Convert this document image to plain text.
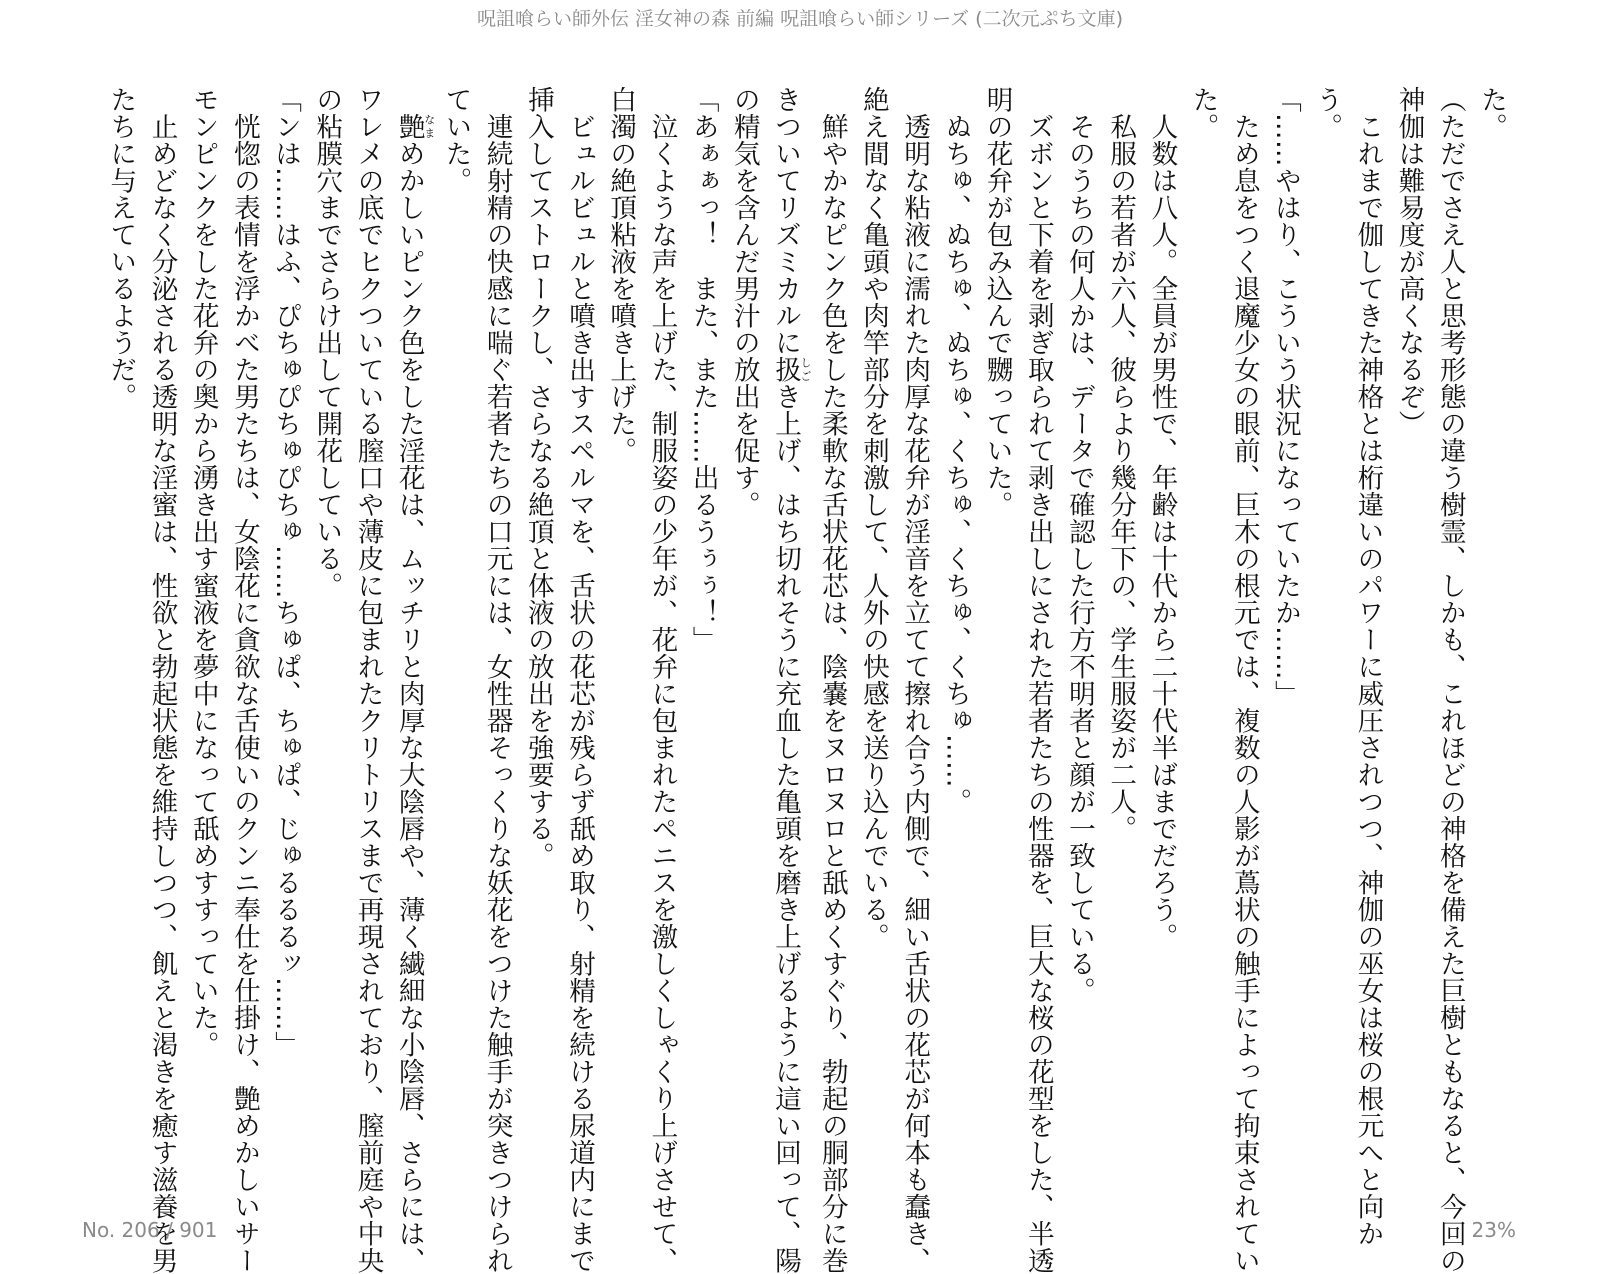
呪詛喰らい師外伝 淫女神の森 前編 呪詛喰らい師シリーズ (二次元ぷち文庫)
た。
（ただでさえ人と思考形態の違う樹霊、しかも、これほどの神格を備えた巨樹ともなると、今回の
神伽は難易度が高くなるぞ）
　これまで伽してきた神格とは桁違いのパワーに威圧されつつ、神伽の巫女は桜の根元へと向か
う。
「……やはり、こういう状況になっていたか……」
　ため息をつく退魔少女の眼前、巨木の根元では、複数の人影が蔦状の触手によって拘束されてい
た。
　人数は八人。全員が男性で、年齢は十代から二十代半ばまでだろう。
　私服の若者が六人、彼らより幾分年下の、学生服姿が二人。
　そのうちの何人かは、データで確認した行方不明者と顔が一致している。
　ズボンと下着を剥ぎ取られて剥き出しにされた若者たちの性器を、巨大な桜の花型をした、半透
明の花弁が包み込んで嬲っていた。
　ぬちゅ、ぬちゅ、ぬちゅ、くちゅ、くちゅ、くちゅ……。
　透明な粘液に濡れた肉厚な花弁が淫音を立てて擦れ合う内側で、細い舌状の花芯が何本も蠢き、
絶え間なく亀頭や肉竿部分を刺激して、人外の快感を送り込んでいる。
　鮮やかなピンク色をした柔軟な舌状花芯は、陰嚢をヌロヌロと舐めくすぐり、勃起の胴部分に巻
きついてリズミカルに扱しごき上げ、はち切れそうに充血した亀頭を磨き上げるように這い回って、陽
の精気を含んだ男汁の放出を促す。
「あぁぁっ！　また、また……出るうぅぅ！」
　泣くような声を上げた、制服姿の少年が、花弁に包まれたペニスを激しくしゃくり上げさせて、
白濁の絶頂粘液を噴き上げた。
　ビュルビュルと噴き出すスペルマを、舌状の花芯が残らず舐め取り、射精を続ける尿道内にまで
挿入してストロークし、さらなる絶頂と体液の放出を強要する。
　連続射精の快感に喘ぐ若者たちの口元には、女性器そっくりな妖花をつけた触手が突きつけられ
ていた。
　艶なまめかしいピンク色をした淫花は、ムッチリと肉厚な大陰唇や、薄く繊細な小陰唇、さらには、
ワレメの底でヒクついている膣口や薄皮に包まれたクリトリスまで再現されており、膣前庭や中央
の粘膜穴までさらけ出して開花している。
「ンは……はふ、ぴちゅぴちゅぴちゅ……ちゅぱ、ちゅぱ、じゅるるるッ……」
　恍惚の表情を浮かべた男たちは、女陰花に貪欲な舌使いのクンニ奉仕を仕掛け、艶めかしいサー
モンピンクをした花弁の奥から湧き出す蜜液を夢中になって舐めすすっていた。
　止めどなく分泌される透明な淫蜜は、性欲と勃起状態を維持しつつ、飢えと渇きを癒す滋養を男
たちに与えているようだ。
No. 206 / 901	23%
